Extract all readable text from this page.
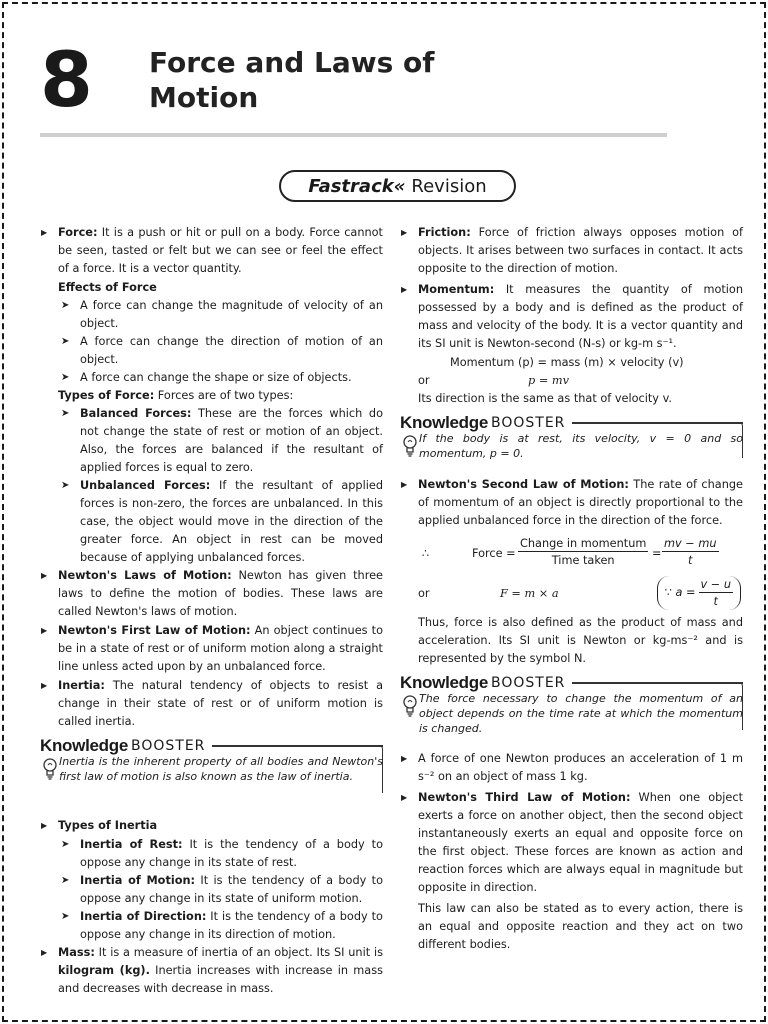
8 Force and Laws of
Motion
Fastrack« Revision

▶ Force: It is a push or hit or pull on a body. Force cannot be seen, tasted or felt but we can see or feel the effect of a force. It is a vector quantity.

Effects of Force

➤ A force can change the magnitude of velocity of an object.

➤ A force can change the direction of motion of an object.

➤ A force can change the shape or size of objects.

Types of Force: Forces are of two types:

➤ Balanced Forces: These are the forces which do not change the state of rest or motion of an object. Also, the forces are balanced if the resultant of applied forces is equal to zero.

➤ Unbalanced Forces: If the resultant of applied forces is non-zero, the forces are unbalanced. In this case, the object would move in the direction of the greater force. An object in rest can be moved because of applying unbalanced forces.

▶ Newton's Laws of Motion: Newton has given three laws to define the motion of bodies. These laws are called Newton's laws of motion.

▶ Newton's First Law of Motion: An object continues to be in a state of rest or of uniform motion along a straight line unless acted upon by an unbalanced force.

▶ Inertia: The natural tendency of objects to resist a change in their state of rest or of uniform motion is called inertia.

Knowledge BOOSTER
Inertia is the inherent property of all bodies and Newton's first law of motion is also known as the law of inertia.

▶ Types of Inertia

➤ Inertia of Rest: It is the tendency of a body to oppose any change in its state of rest.

➤ Inertia of Motion: It is the tendency of a body to oppose any change in its state of uniform motion.

➤ Inertia of Direction: It is the tendency of a body to oppose any change in its direction of motion.

▶ Mass: It is a measure of inertia of an object. Its SI unit is kilogram (kg). Inertia increases with increase in mass and decreases with decrease in mass.

▶ Friction: Force of friction always opposes motion of objects. It arises between two surfaces in contact. It acts opposite to the direction of motion.

▶ Momentum: It measures the quantity of motion possessed by a body and is defined as the product of mass and velocity of the body. It is a vector quantity and its SI unit is Newton-second (N-s) or kg-m s⁻¹.

Momentum (p) = mass (m) × velocity (v)
or	p = mv

Its direction is the same as that of velocity v.

Knowledge BOOSTER
If the body is at rest, its velocity, v = 0 and so momentum, p = 0.

▶ Newton's Second Law of Motion: The rate of change of momentum of an object is directly proportional to the applied unbalanced force in the direction of the force.

∴	Force =
Change in momentum
Time taken
= $\frac{mv - mu}{t}$
or	F = m × a	∵ $a = \frac{v - u}{t}$

Thus, force is also defined as the product of mass and acceleration. Its SI unit is Newton or kg-ms⁻² and is represented by the symbol N.

Knowledge BOOSTER
The force necessary to change the momentum of an object depends on the time rate at which the momentum is changed.

▶ A force of one Newton produces an acceleration of 1 m s⁻² on an object of mass 1 kg.

▶ Newton's Third Law of Motion: When one object exerts a force on another object, then the second object instantaneously exerts an equal and opposite force on the first object. These forces are known as action and reaction forces which are always equal in magnitude but opposite in direction.

This law can also be stated as to every action, there is an equal and opposite reaction and they act on two different bodies.
